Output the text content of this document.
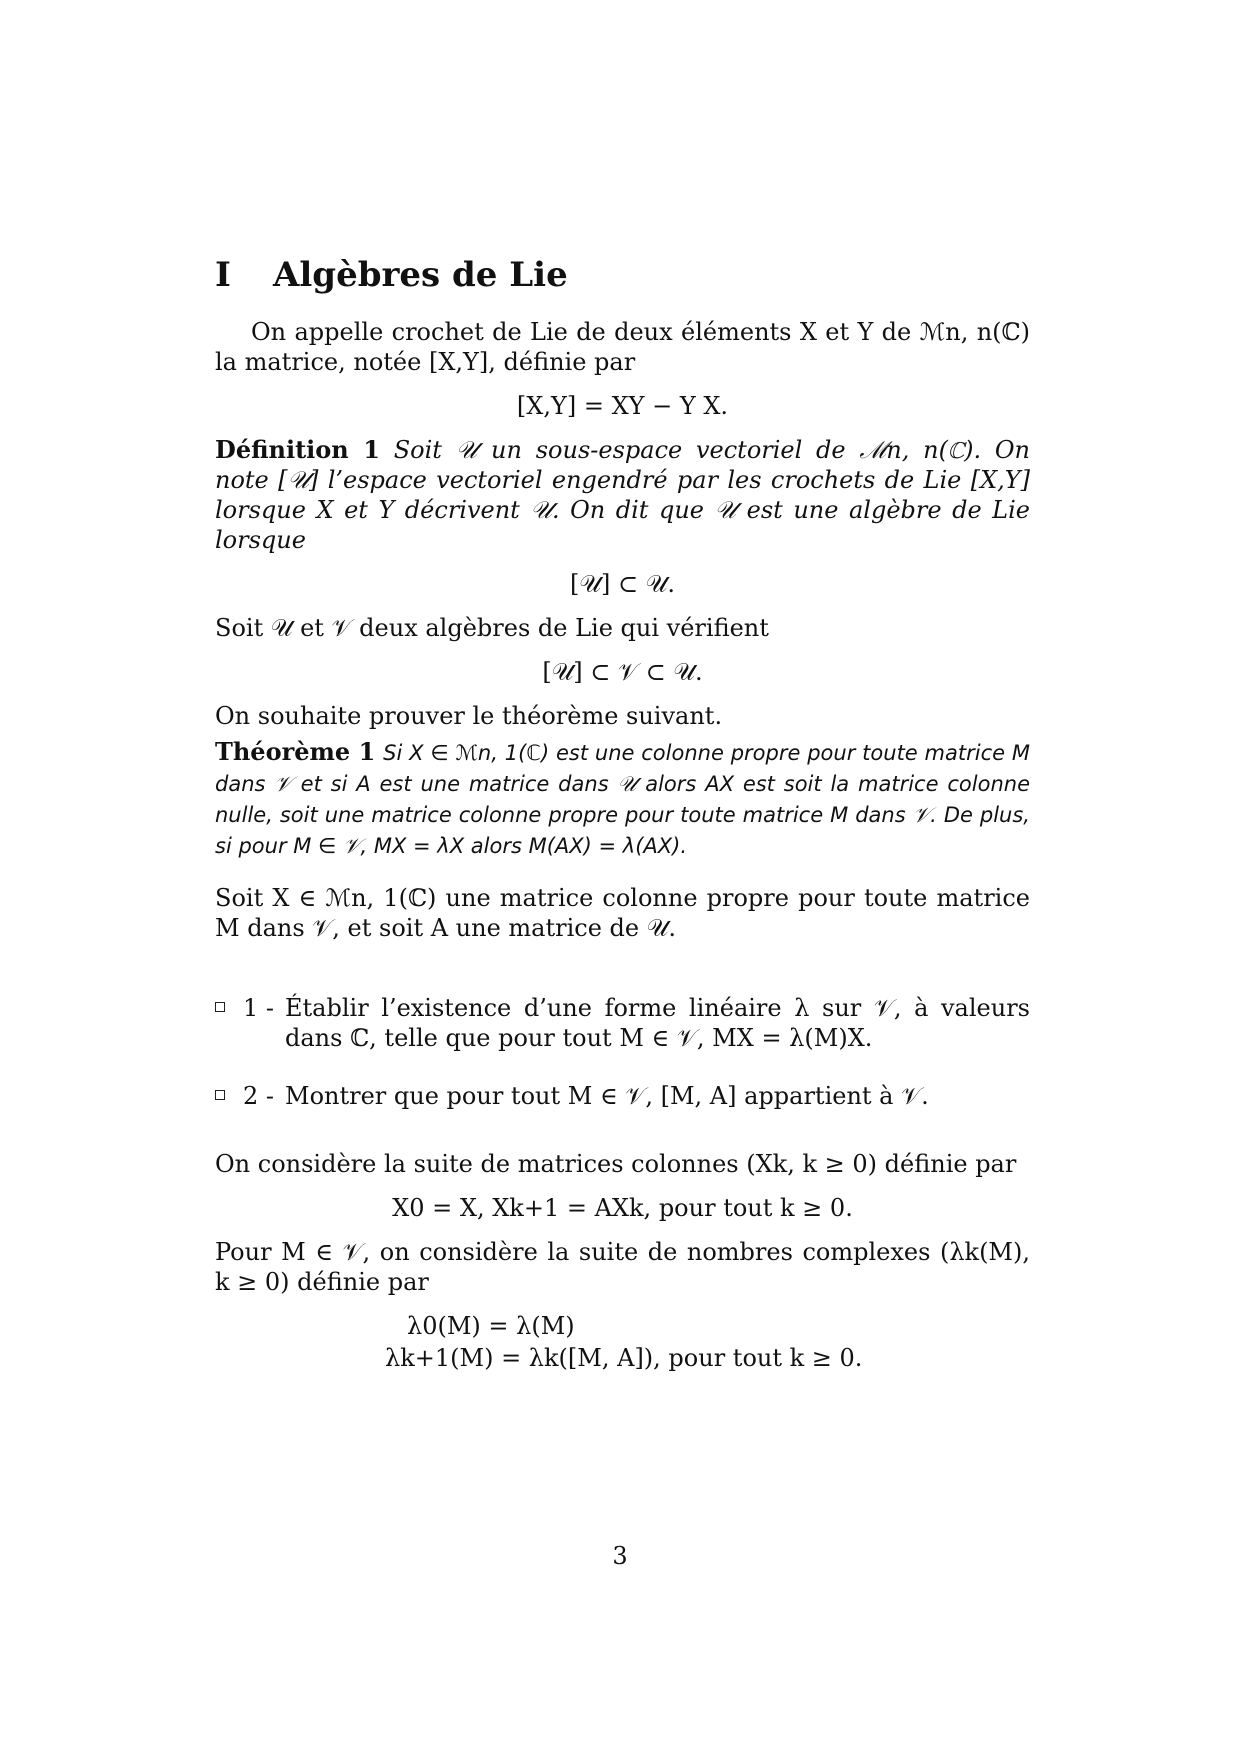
I Algèbres de Lie

On appelle crochet de Lie de deux éléments X et Y de ℳn, n(ℂ) la matrice, notée [X,Y], définie par

[X,Y] = XY − Y X.

Définition 1 Soit 𝒰 un sous-espace vectoriel de ℳn, n(ℂ). On note [𝒰] l’espace vectoriel engendré par les crochets de Lie [X,Y] lorsque X et Y décrivent 𝒰. On dit que 𝒰 est une algèbre de Lie lorsque

[𝒰] ⊂ 𝒰.

Soit 𝒰 et 𝒱 deux algèbres de Lie qui vérifient

[𝒰] ⊂ 𝒱 ⊂ 𝒰.

On souhaite prouver le théorème suivant.

Théorème 1 Si X ∈ ℳn, 1(ℂ) est une colonne propre pour toute matrice M dans 𝒱 et si A est une matrice dans 𝒰 alors AX est soit la matrice colonne nulle, soit une matrice colonne propre pour toute matrice M dans 𝒱. De plus, si pour M ∈ 𝒱, MX = λX alors M(AX) = λ(AX).

Soit X ∈ ℳn, 1(ℂ) une matrice colonne propre pour toute matrice M dans 𝒱, et soit A une matrice de 𝒰.

1 - Établir l’existence d’une forme linéaire λ sur 𝒱, à valeurs dans ℂ, telle que pour tout M ∈ 𝒱, MX = λ(M)X.

2 - Montrer que pour tout M ∈ 𝒱, [M, A] appartient à 𝒱.

On considère la suite de matrices colonnes (Xk, k ≥ 0) définie par

X0 = X, Xk+1 = AXk, pour tout k ≥ 0.

Pour M ∈ 𝒱, on considère la suite de nombres complexes (λk(M), k ≥ 0) définie par

λ0(M) = λ(M)
λk+1(M) = λk([M, A]), pour tout k ≥ 0.
3
